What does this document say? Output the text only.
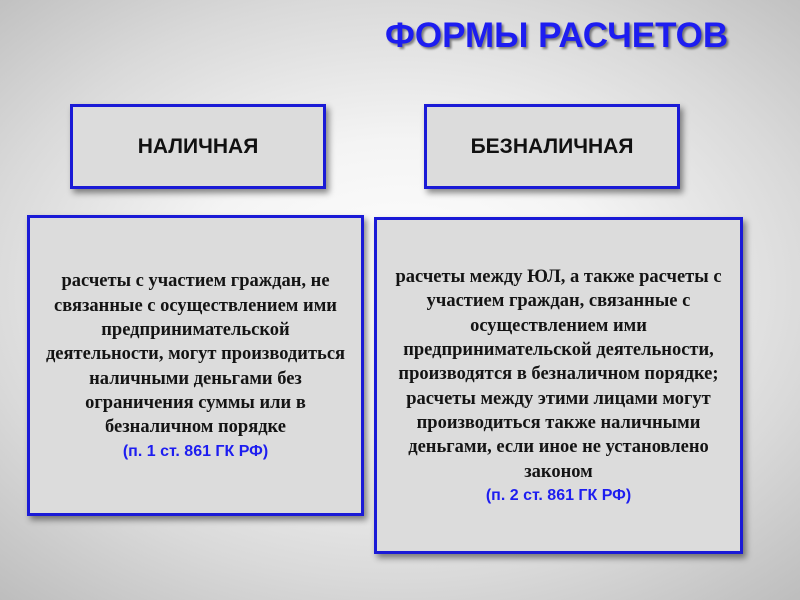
ФОРМЫ РАСЧЕТОВ
НАЛИЧНАЯ	БЕЗНАЛИЧНАЯ

расчеты с участием граждан, не связанные с осуществлением ими предпринимательской деятельности, могут производиться наличными деньгами без ограничения суммы или в безналичном порядке

(п. 1 ст. 861 ГК РФ)

расчеты между ЮЛ, а также расчеты с участием граждан, связанные с осуществлением ими предпринимательской деятельности, производятся в безналичном порядке; расчеты между этими лицами могут производиться также наличными деньгами, если иное не установлено законом

(п. 2 ст. 861 ГК РФ)
